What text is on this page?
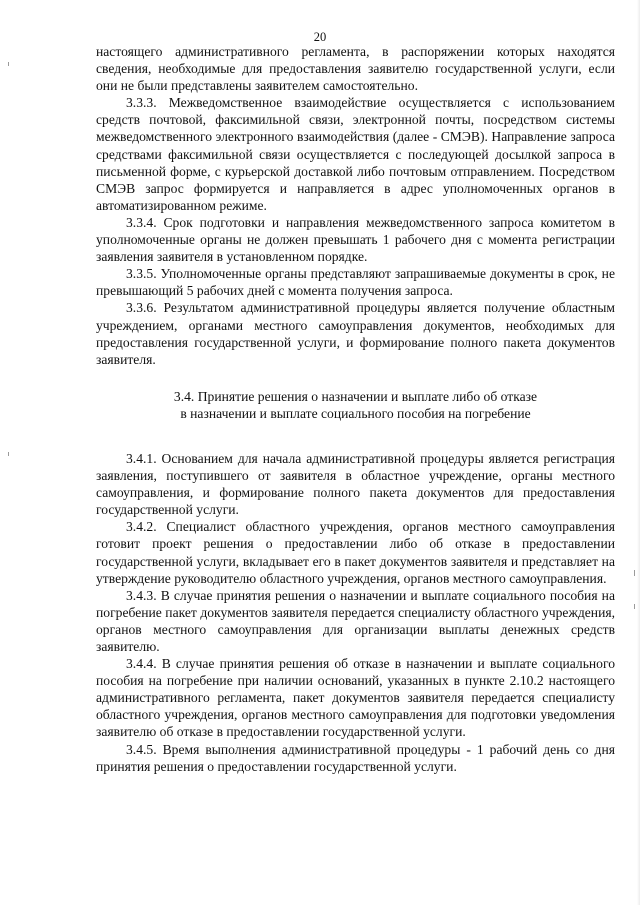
20

настоящего административного регламента, в распоряжении которых находятся сведения, необходимые для предоставления заявителю государственной услуги, если они не были представлены заявителем самостоятельно.

3.3.3. Межведомственное взаимодействие осуществляется с использованием средств почтовой, факсимильной связи, электронной почты, посредством системы межведомственного электронного взаимодействия (далее - СМЭВ). Направление запроса средствами факсимильной связи осуществляется с последующей досылкой запроса в письменной форме, с курьерской доставкой либо почтовым отправлением. Посредством СМЭВ запрос формируется и направляется в адрес уполномоченных органов в автоматизированном режиме.

3.3.4. Срок подготовки и направления межведомственного запроса комитетом в уполномоченные органы не должен превышать 1 рабочего дня с момента регистрации заявления заявителя в установленном порядке.

3.3.5. Уполномоченные органы представляют запрашиваемые документы в срок, не превышающий 5 рабочих дней с момента получения запроса.

3.3.6. Результатом административной процедуры является получение областным учреждением, органами местного самоуправления документов, необходимых для предоставления государственной услуги, и формирование полного пакета документов заявителя.

3.4. Принятие решения о назначении и выплате либо об отказе
в назначении и выплате социального пособия на погребение

3.4.1. Основанием для начала административной процедуры является регистрация заявления, поступившего от заявителя в областное учреждение, органы местного самоуправления, и формирование полного пакета документов для предоставления государственной услуги.

3.4.2. Специалист областного учреждения, органов местного самоуправления готовит проект решения о предоставлении либо об отказе в предоставлении государственной услуги, вкладывает его в пакет документов заявителя и представляет на утверждение руководителю областного учреждения, органов местного самоуправления.

3.4.3. В случае принятия решения о назначении и выплате социального пособия на погребение пакет документов заявителя передается специалисту областного учреждения, органов местного самоуправления для организации выплаты денежных средств заявителю.

3.4.4. В случае принятия решения об отказе в назначении и выплате социального пособия на погребение при наличии оснований, указанных в пункте 2.10.2 настоящего административного регламента, пакет документов заявителя передается специалисту областного учреждения, органов местного самоуправления для подготовки уведомления заявителю об отказе в предоставлении государственной услуги.

3.4.5. Время выполнения административной процедуры - 1 рабочий день со дня принятия решения о предоставлении государственной услуги.
